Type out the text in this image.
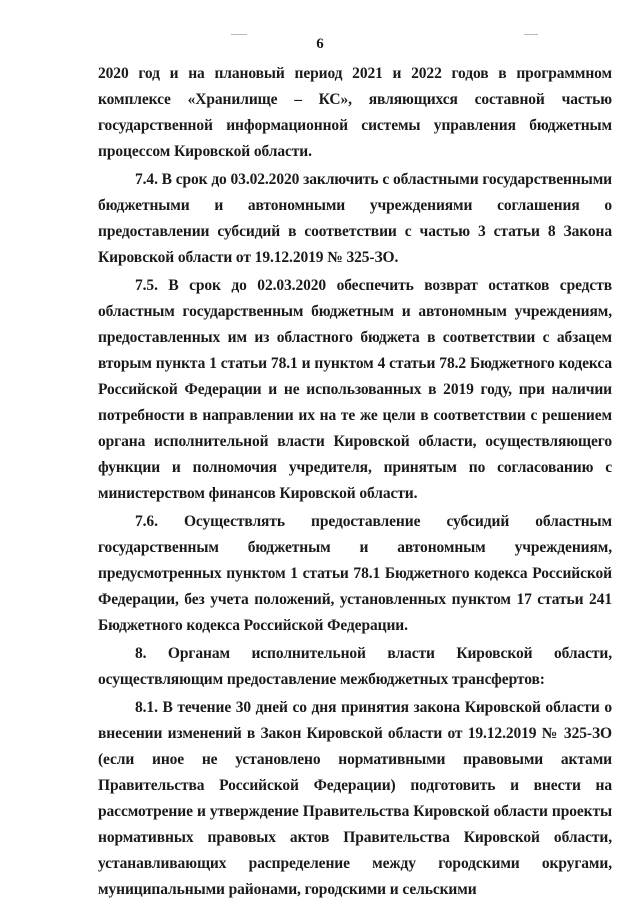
6

2020 год и на плановый период 2021 и 2022 годов в программном комплексе «Хранилище – КС», являющихся составной частью государственной информационной системы управления бюджетным процессом Кировской области.

7.4. В срок до 03.02.2020 заключить с областными государственными бюджетными и автономными учреждениями соглашения о предоставлении субсидий в соответствии с частью 3 статьи 8 Закона Кировской области от 19.12.2019 № 325-ЗО.

7.5. В срок до 02.03.2020 обеспечить возврат остатков средств областным государственным бюджетным и автономным учреждениям, предоставленных им из областного бюджета в соответствии с абзацем вторым пункта 1 статьи 78.1 и пунктом 4 статьи 78.2 Бюджетного кодекса Российской Федерации и не использованных в 2019 году, при наличии потребности в направлении их на те же цели в соответствии с решением органа исполнительной власти Кировской области, осуществляющего функции и полномочия учредителя, принятым по согласованию с министерством финансов Кировской области.

7.6. Осуществлять предоставление субсидий областным государственным бюджетным и автономным учреждениям, предусмотренных пунктом 1 статьи 78.1 Бюджетного кодекса Российской Федерации, без учета положений, установленных пунктом 17 статьи 241 Бюджетного кодекса Российской Федерации.

8. Органам исполнительной власти Кировской области, осуществляющим предоставление межбюджетных трансфертов:

8.1. В течение 30 дней со дня принятия закона Кировской области о внесении изменений в Закон Кировской области от 19.12.2019 № 325-ЗО (если иное не установлено нормативными правовыми актами Правительства Российской Федерации) подготовить и внести на рассмотрение и утверждение Правительства Кировской области проекты нормативных правовых актов Правительства Кировской области, устанавливающих распределение между городскими округами, муниципальными районами, городскими и сельскими
